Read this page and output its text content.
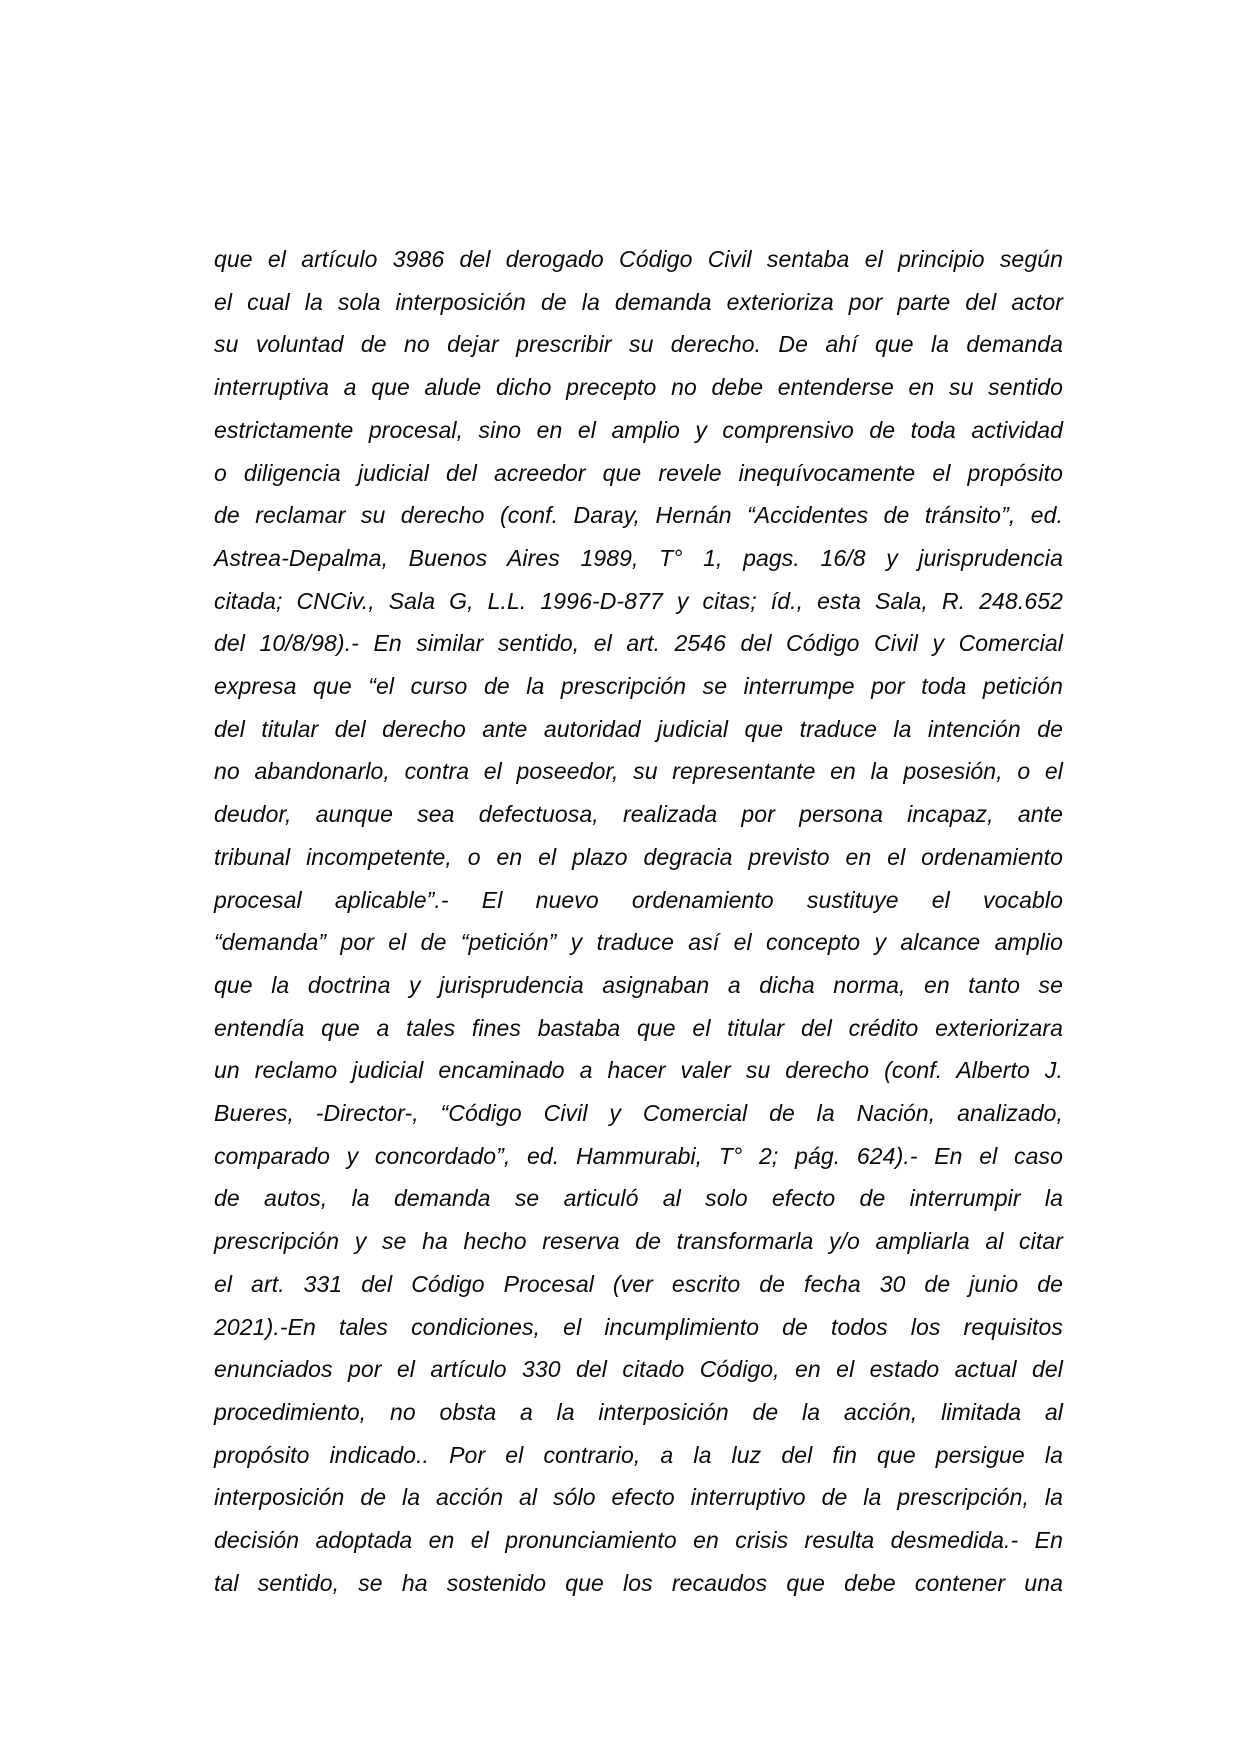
que el artículo 3986 del derogado Código Civil sentaba el principio según
el cual la sola interposición de la demanda exterioriza por parte del actor
su voluntad de no dejar prescribir su derecho. De ahí que la demanda
interruptiva a que alude dicho precepto no debe entenderse en su sentido
estrictamente procesal, sino en el amplio y comprensivo de toda actividad
o diligencia judicial del acreedor que revele inequívocamente el propósito
de reclamar su derecho (conf. Daray, Hernán “Accidentes de tránsito”, ed.
Astrea-Depalma, Buenos Aires 1989, T° 1, pags. 16/8 y jurisprudencia
citada; CNCiv., Sala G, L.L. 1996-D-877 y citas; íd., esta Sala, R. 248.652
del 10/8/98).- En similar sentido, el art. 2546 del Código Civil y Comercial
expresa que “el curso de la prescripción se interrumpe por toda petición
del titular del derecho ante autoridad judicial que traduce la intención de
no abandonarlo, contra el poseedor, su representante en la posesión, o el
deudor, aunque sea defectuosa, realizada por persona incapaz, ante
tribunal incompetente, o en el plazo degracia previsto en el ordenamiento
procesal aplicable”.- El nuevo ordenamiento sustituye el vocablo
“demanda” por el de “petición” y traduce así el concepto y alcance amplio
que la doctrina y jurisprudencia asignaban a dicha norma, en tanto se
entendía que a tales fines bastaba que el titular del crédito exteriorizara
un reclamo judicial encaminado a hacer valer su derecho (conf. Alberto J.
Bueres, -Director-, “Código Civil y Comercial de la Nación, analizado,
comparado y concordado”, ed. Hammurabi, T° 2; pág. 624).- En el caso
de autos, la demanda se articuló al solo efecto de interrumpir la
prescripción y se ha hecho reserva de transformarla y/o ampliarla al citar
el art. 331 del Código Procesal (ver escrito de fecha 30 de junio de
2021).-En tales condiciones, el incumplimiento de todos los requisitos
enunciados por el artículo 330 del citado Código, en el estado actual del
procedimiento, no obsta a la interposición de la acción, limitada al
propósito indicado.. Por el contrario, a la luz del fin que persigue la
interposición de la acción al sólo efecto interruptivo de la prescripción, la
decisión adoptada en el pronunciamiento en crisis resulta desmedida.- En
tal sentido, se ha sostenido que los recaudos que debe contener una
